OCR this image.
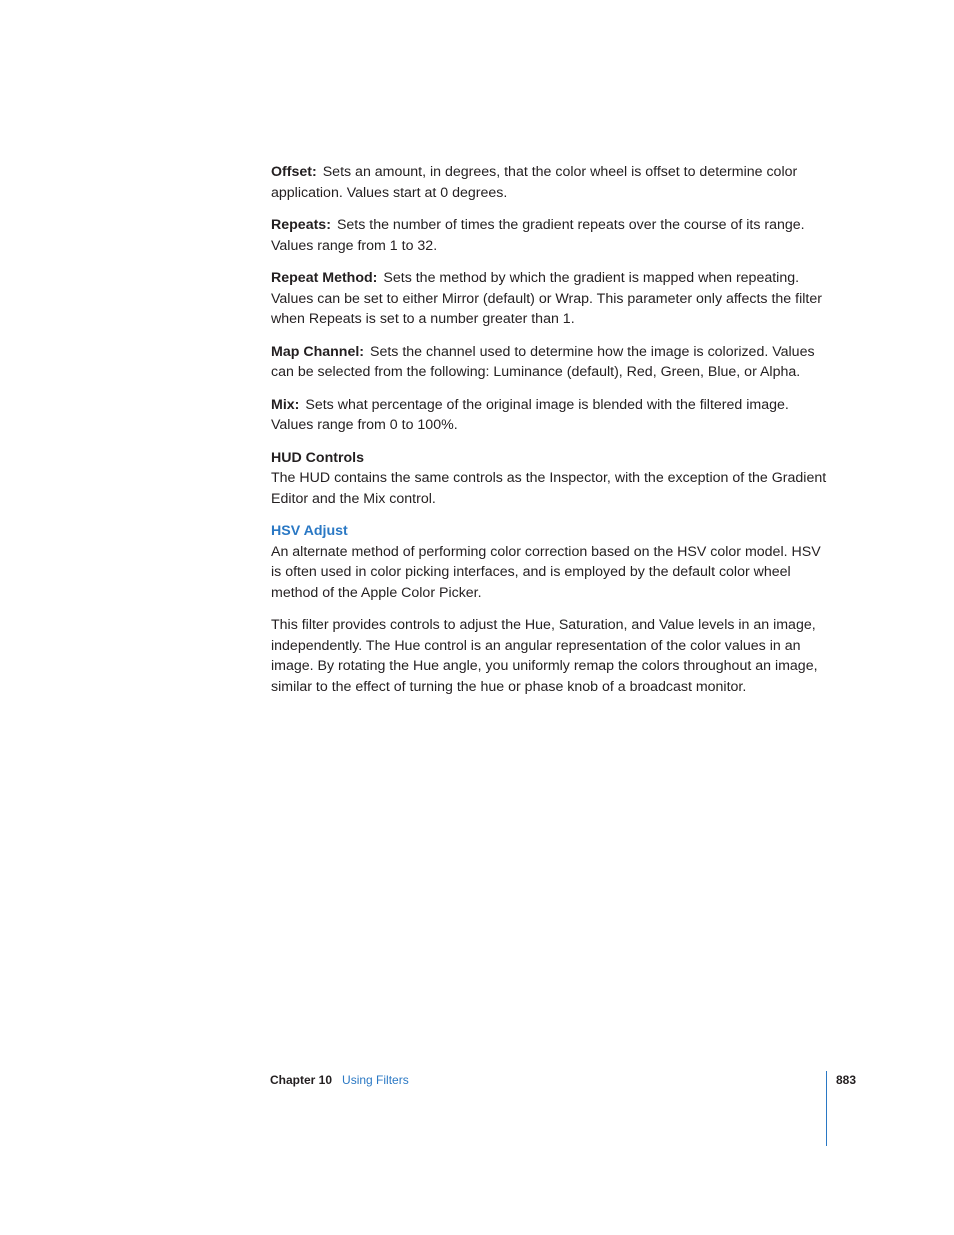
Offset: Sets an amount, in degrees, that the color wheel is offset to determine color application. Values start at 0 degrees.

Repeats: Sets the number of times the gradient repeats over the course of its range. Values range from 1 to 32.

Repeat Method: Sets the method by which the gradient is mapped when repeating. Values can be set to either Mirror (default) or Wrap. This parameter only affects the filter when Repeats is set to a number greater than 1.

Map Channel: Sets the channel used to determine how the image is colorized. Values can be selected from the following: Luminance (default), Red, Green, Blue, or Alpha.

Mix: Sets what percentage of the original image is blended with the filtered image. Values range from 0 to 100%.

HUD Controls

The HUD contains the same controls as the Inspector, with the exception of the Gradient Editor and the Mix control.

HSV Adjust

An alternate method of performing color correction based on the HSV color model. HSV is often used in color picking interfaces, and is employed by the default color wheel method of the Apple Color Picker.

This filter provides controls to adjust the Hue, Saturation, and Value levels in an image, independently. The Hue control is an angular representation of the color values in an image. By rotating the Hue angle, you uniformly remap the colors throughout an image, similar to the effect of turning the hue or phase knob of a broadcast monitor.

Chapter 10 Using Filters	883
